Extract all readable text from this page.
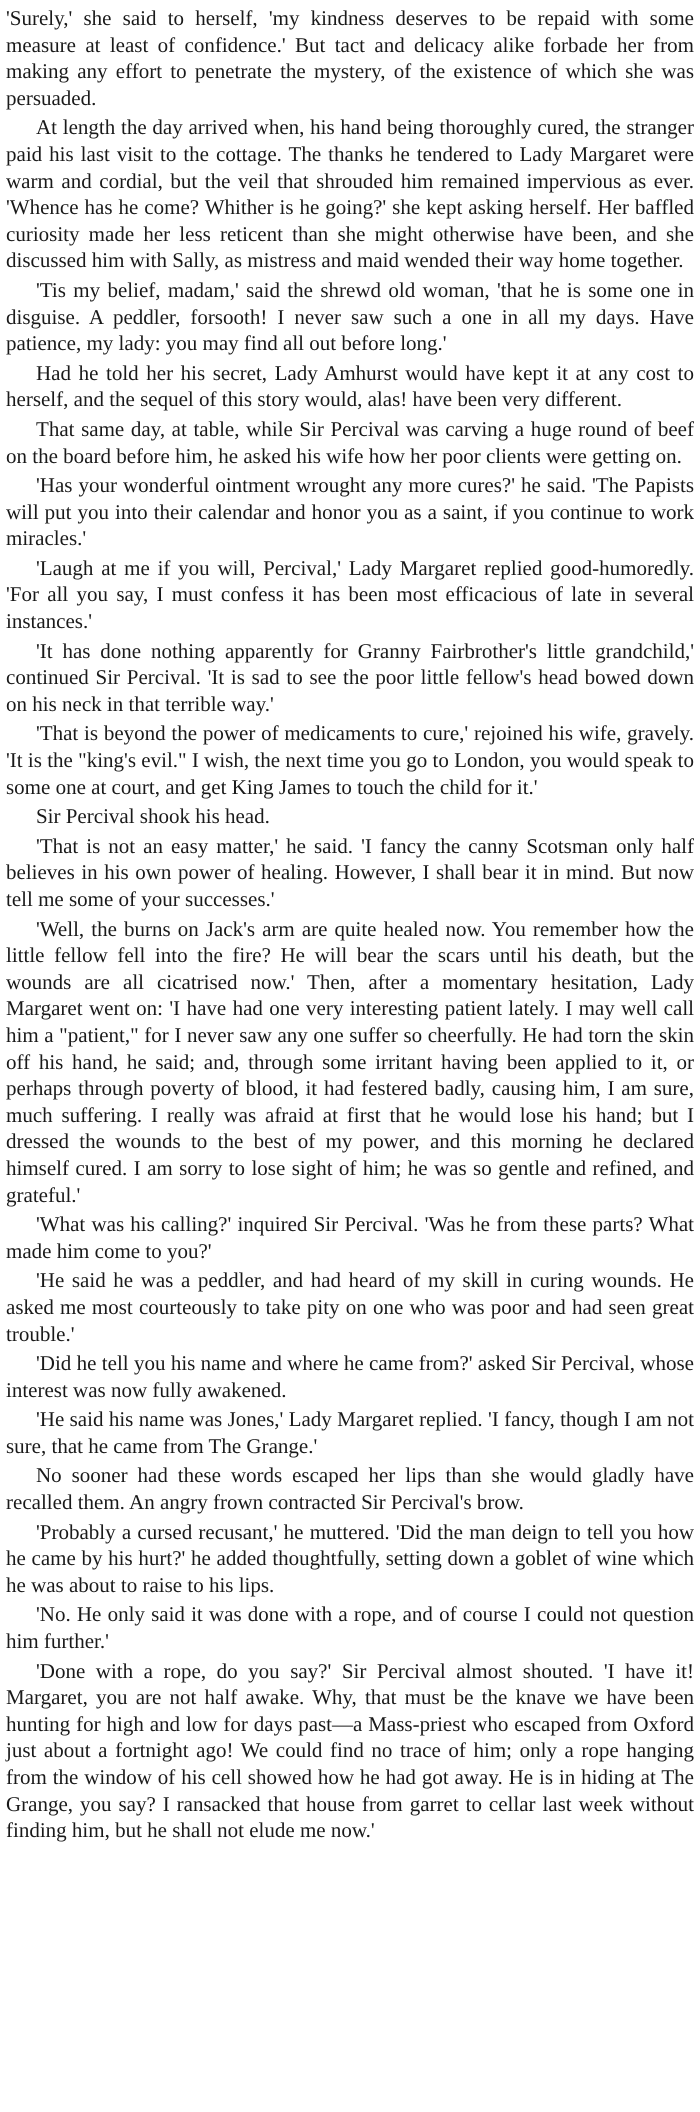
'Surely,' she said to herself, 'my kindness deserves to be repaid with some measure at least of confidence.' But tact and delicacy alike forbade her from making any effort to penetrate the mystery, of the existence of which she was persuaded.

At length the day arrived when, his hand being thoroughly cured, the stranger paid his last visit to the cottage. The thanks he tendered to Lady Margaret were warm and cordial, but the veil that shrouded him remained impervious as ever. 'Whence has he come? Whither is he going?' she kept asking herself. Her baffled curiosity made her less reticent than she might otherwise have been, and she discussed him with Sally, as mistress and maid wended their way home together.

'Tis my belief, madam,' said the shrewd old woman, 'that he is some one in disguise. A peddler, forsooth! I never saw such a one in all my days. Have patience, my lady: you may find all out before long.'

Had he told her his secret, Lady Amhurst would have kept it at any cost to herself, and the sequel of this story would, alas! have been very different.

That same day, at table, while Sir Percival was carving a huge round of beef on the board before him, he asked his wife how her poor clients were getting on.

'Has your wonderful ointment wrought any more cures?' he said. 'The Papists will put you into their calendar and honor you as a saint, if you continue to work miracles.'

'Laugh at me if you will, Percival,' Lady Margaret replied good-humoredly. 'For all you say, I must confess it has been most efficacious of late in several instances.'

'It has done nothing apparently for Granny Fairbrother's little grandchild,' continued Sir Percival. 'It is sad to see the poor little fellow's head bowed down on his neck in that terrible way.'

'That is beyond the power of medicaments to cure,' rejoined his wife, gravely. 'It is the "king's evil." I wish, the next time you go to London, you would speak to some one at court, and get King James to touch the child for it.'

Sir Percival shook his head.

'That is not an easy matter,' he said. 'I fancy the canny Scotsman only half believes in his own power of healing. However, I shall bear it in mind. But now tell me some of your successes.'

'Well, the burns on Jack's arm are quite healed now. You remember how the little fellow fell into the fire? He will bear the scars until his death, but the wounds are all cicatrised now.' Then, after a momentary hesitation, Lady Margaret went on: 'I have had one very interesting patient lately. I may well call him a "patient," for I never saw any one suffer so cheerfully. He had torn the skin off his hand, he said; and, through some irritant having been applied to it, or perhaps through poverty of blood, it had festered badly, causing him, I am sure, much suffering. I really was afraid at first that he would lose his hand; but I dressed the wounds to the best of my power, and this morning he declared himself cured. I am sorry to lose sight of him; he was so gentle and refined, and grateful.'

'What was his calling?' inquired Sir Percival. 'Was he from these parts? What made him come to you?'

'He said he was a peddler, and had heard of my skill in curing wounds. He asked me most courteously to take pity on one who was poor and had seen great trouble.'

'Did he tell you his name and where he came from?' asked Sir Percival, whose interest was now fully awakened.

'He said his name was Jones,' Lady Margaret replied. 'I fancy, though I am not sure, that he came from The Grange.'

No sooner had these words escaped her lips than she would gladly have recalled them. An angry frown contracted Sir Percival's brow.

'Probably a cursed recusant,' he muttered. 'Did the man deign to tell you how he came by his hurt?' he added thoughtfully, setting down a goblet of wine which he was about to raise to his lips.

'No. He only said it was done with a rope, and of course I could not question him further.'

'Done with a rope, do you say?' Sir Percival almost shouted. 'I have it! Margaret, you are not half awake. Why, that must be the knave we have been hunting for high and low for days past—a Mass-priest who escaped from Oxford just about a fortnight ago! We could find no trace of him; only a rope hanging from the window of his cell showed how he had got away. He is in hiding at The Grange, you say? I ransacked that house from garret to cellar last week without finding him, but he shall not elude me now.'
